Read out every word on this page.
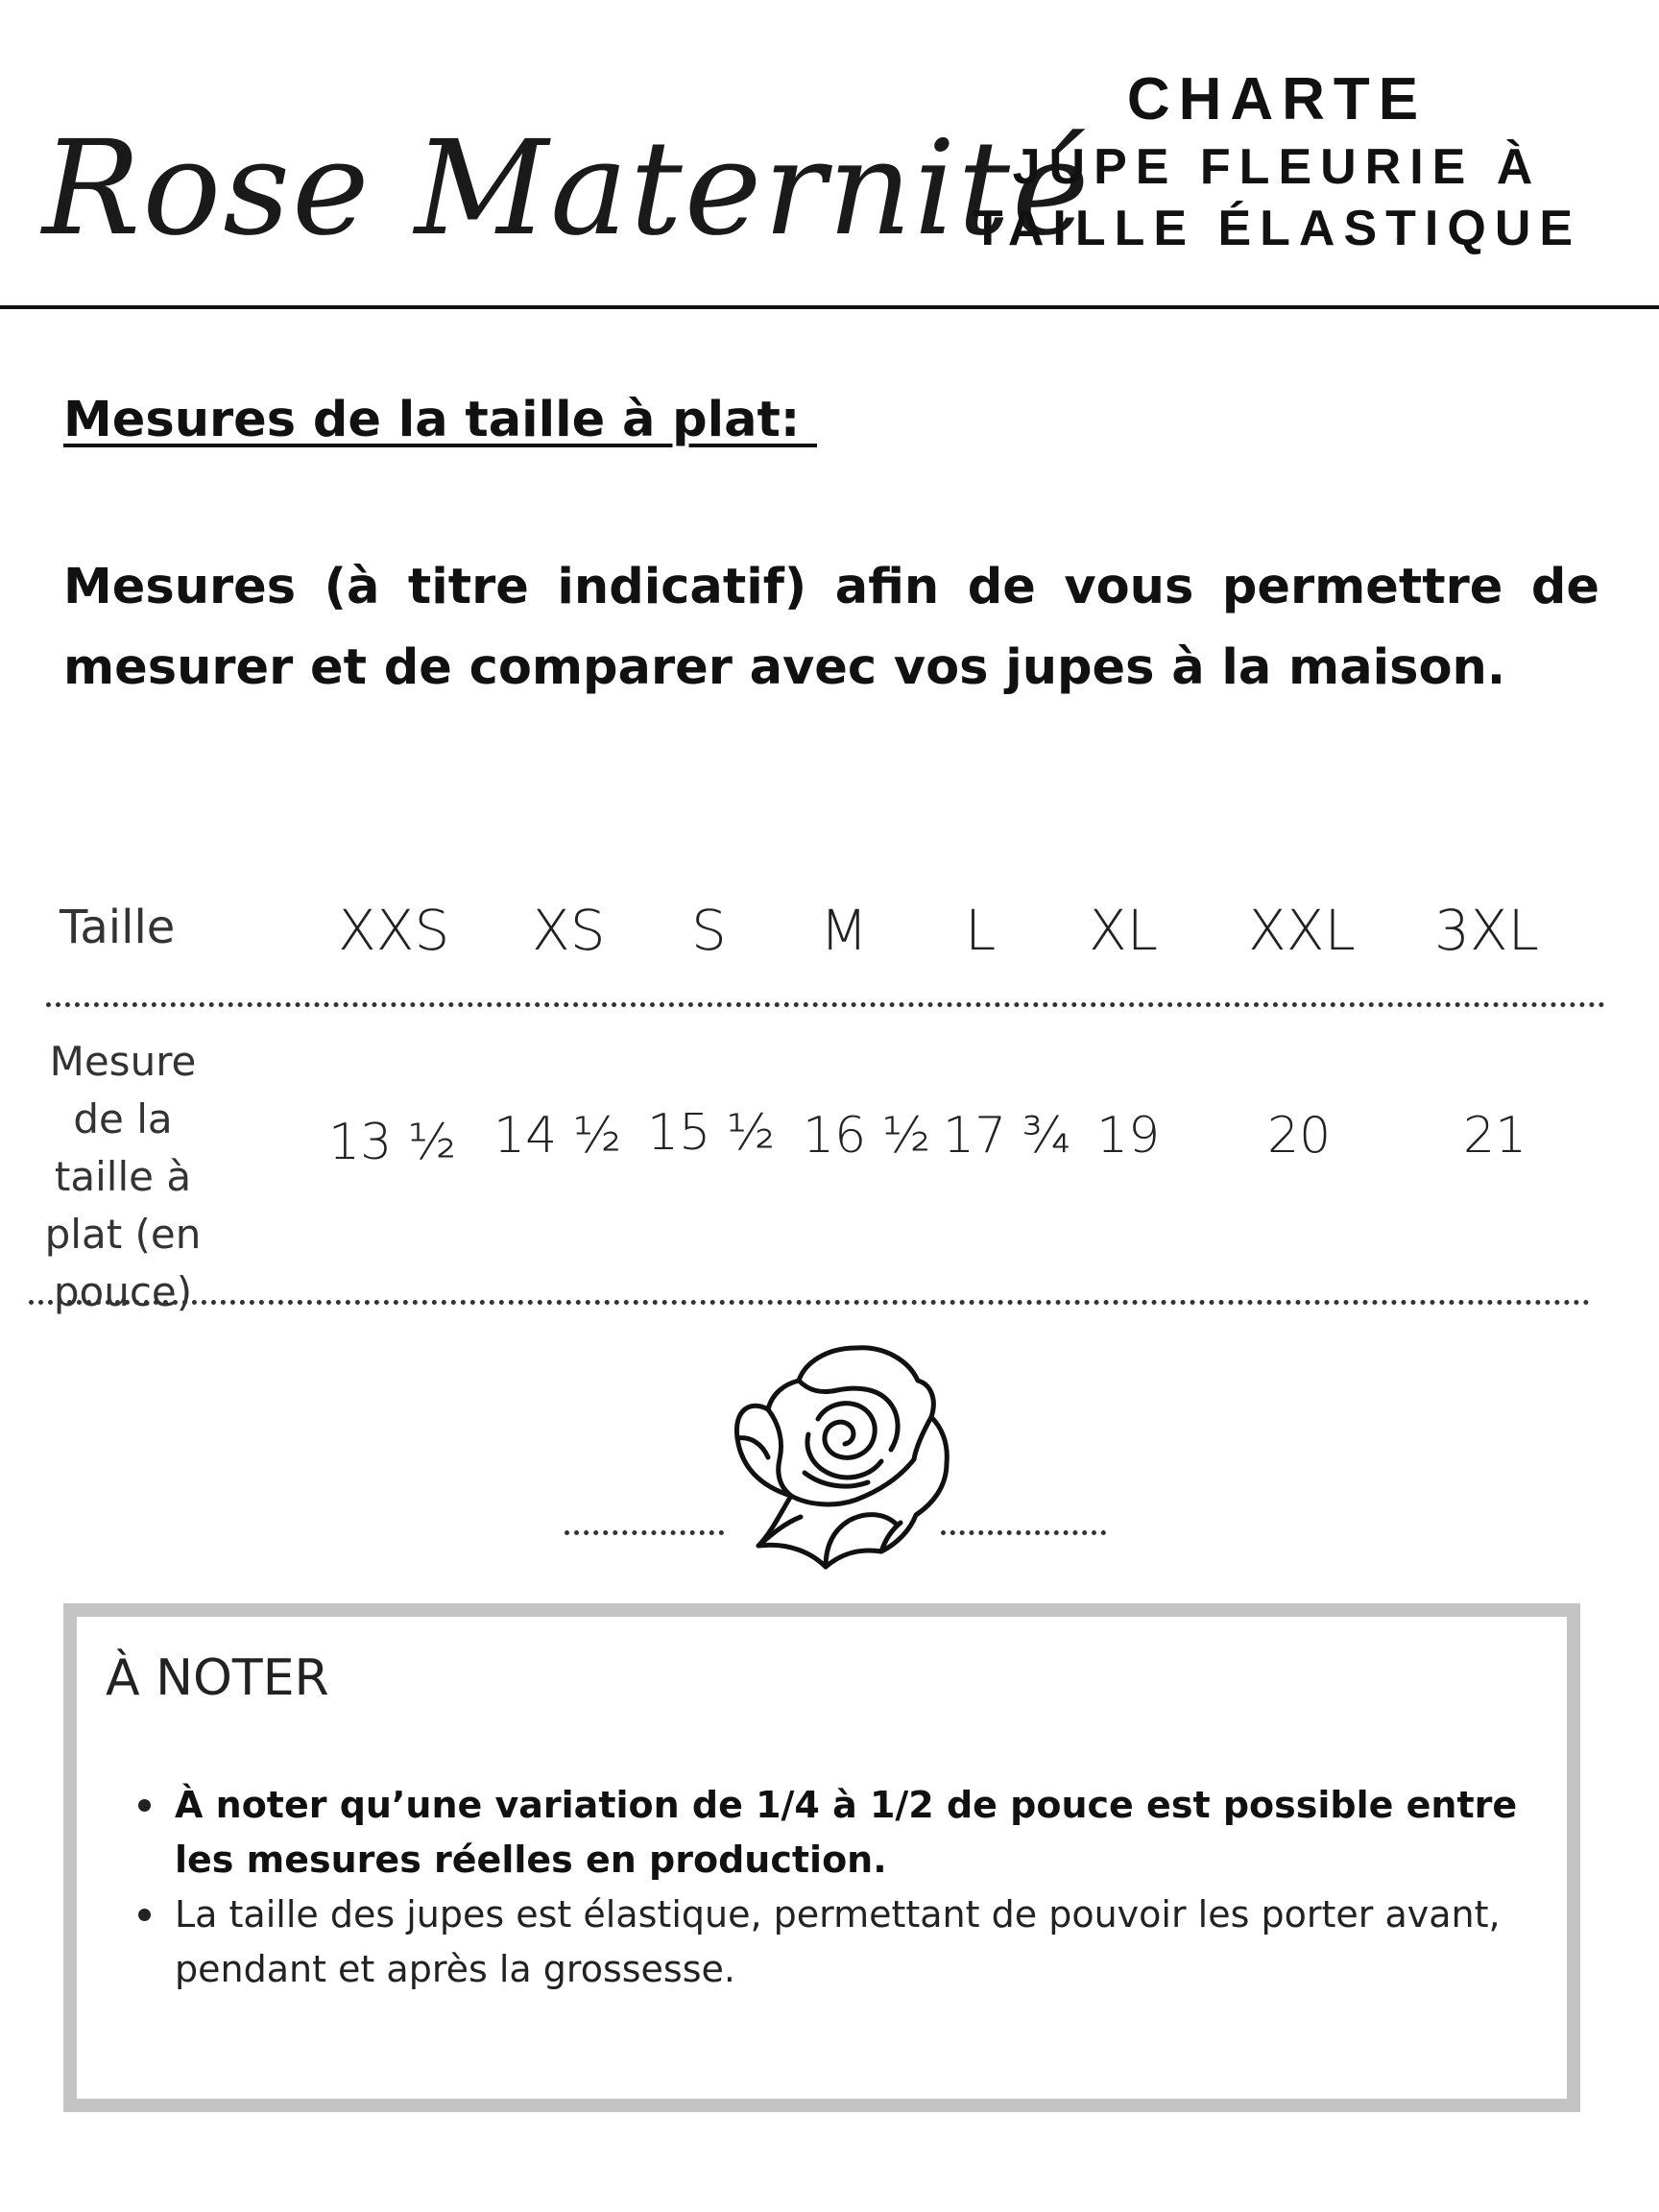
Rose Maternité
CHARTE
JUPE FLEURIE À
TAILLE ÉLASTIQUE
Mesures de la taille à plat:
Mesures (à titre indicatif) afin de vous permettre de mesurer et de comparer avec vos jupes à la maison.
Taille	XXS XS S M L XL XXL 3XL
Mesure de la taille à plat (en pouce)
13 ½ 14 ½ 15 ½ 16 ½ 17 ¾ 19 20	21
À NOTER
À noter qu’une variation de 1/4 à 1/2 de pouce est possible entre les mesures réelles en production.
La taille des jupes est élastique, permettant de pouvoir les porter avant, pendant et après la grossesse.
